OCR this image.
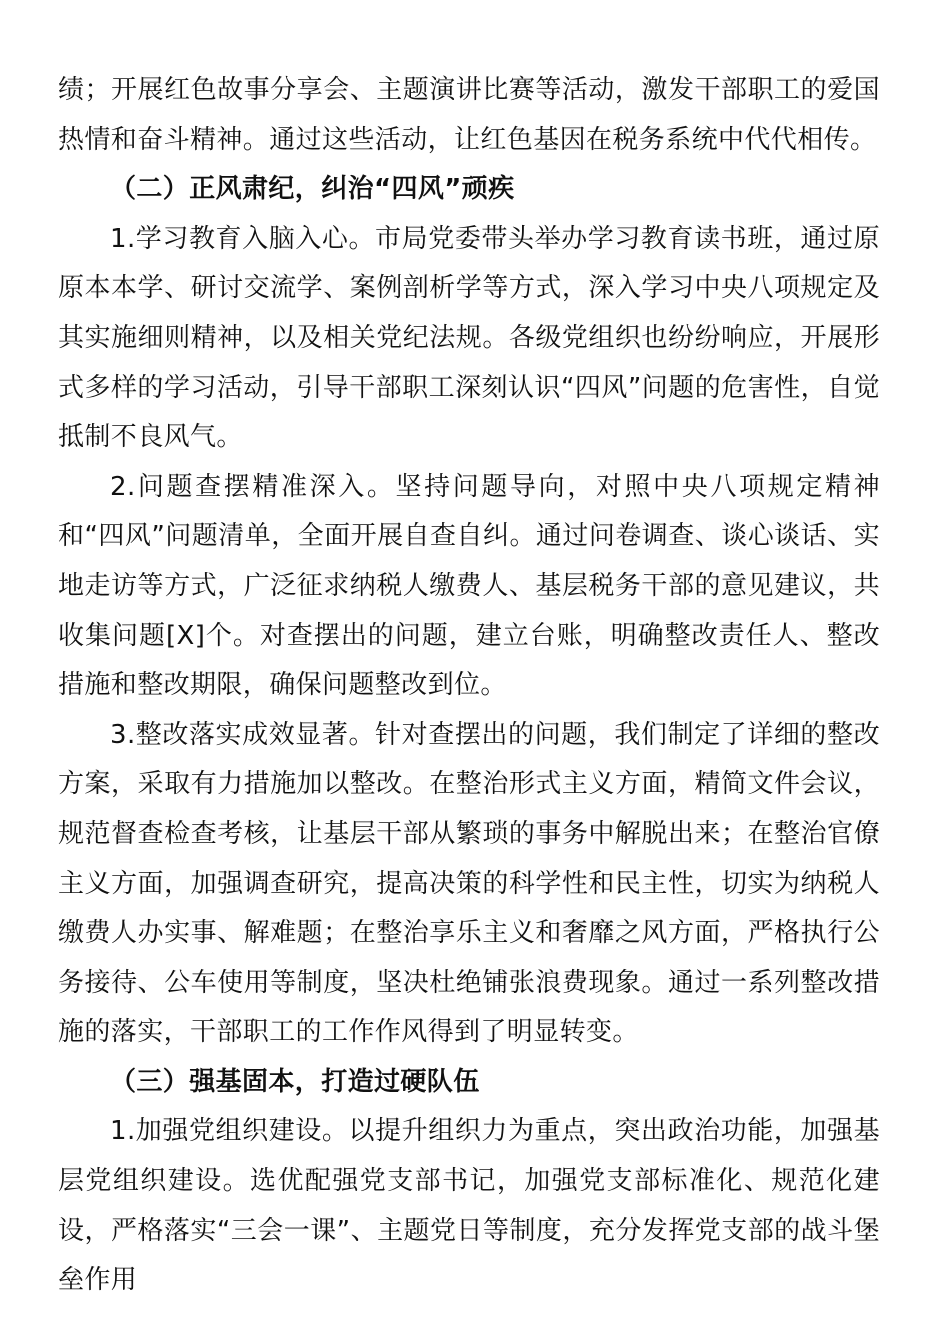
绩；开展红色故事分享会、主题演讲比赛等活动，激发干部职工的爱国热情和奋斗精神。通过这些活动，让红色基因在税务系统中代代相传。

（二）正风肃纪，纠治“四风”顽疾

1.学习教育入脑入心。市局党委带头举办学习教育读书班，通过原原本本学、研讨交流学、案例剖析学等方式，深入学习中央八项规定及其实施细则精神，以及相关党纪法规。各级党组织也纷纷响应，开展形式多样的学习活动，引导干部职工深刻认识“四风”问题的危害性，自觉抵制不良风气。

2.问题查摆精准深入。坚持问题导向，对照中央八项规定精神和“四风”问题清单，全面开展自查自纠。通过问卷调查、谈心谈话、实地走访等方式，广泛征求纳税人缴费人、基层税务干部的意见建议，共收集问题[X]个。对查摆出的问题，建立台账，明确整改责任人、整改措施和整改期限，确保问题整改到位。

3.整改落实成效显著。针对查摆出的问题，我们制定了详细的整改方案，采取有力措施加以整改。在整治形式主义方面，精简文件会议，规范督查检查考核，让基层干部从繁琐的事务中解脱出来；在整治官僚主义方面，加强调查研究，提高决策的科学性和民主性，切实为纳税人缴费人办实事、解难题；在整治享乐主义和奢靡之风方面，严格执行公务接待、公车使用等制度，坚决杜绝铺张浪费现象。通过一系列整改措施的落实，干部职工的工作作风得到了明显转变。

（三）强基固本，打造过硬队伍

1.加强党组织建设。以提升组织力为重点，突出政治功能，加强基层党组织建设。选优配强党支部书记，加强党支部标准化、规范化建设，严格落实“三会一课”、主题党日等制度，充分发挥党支部的战斗堡垒作用
